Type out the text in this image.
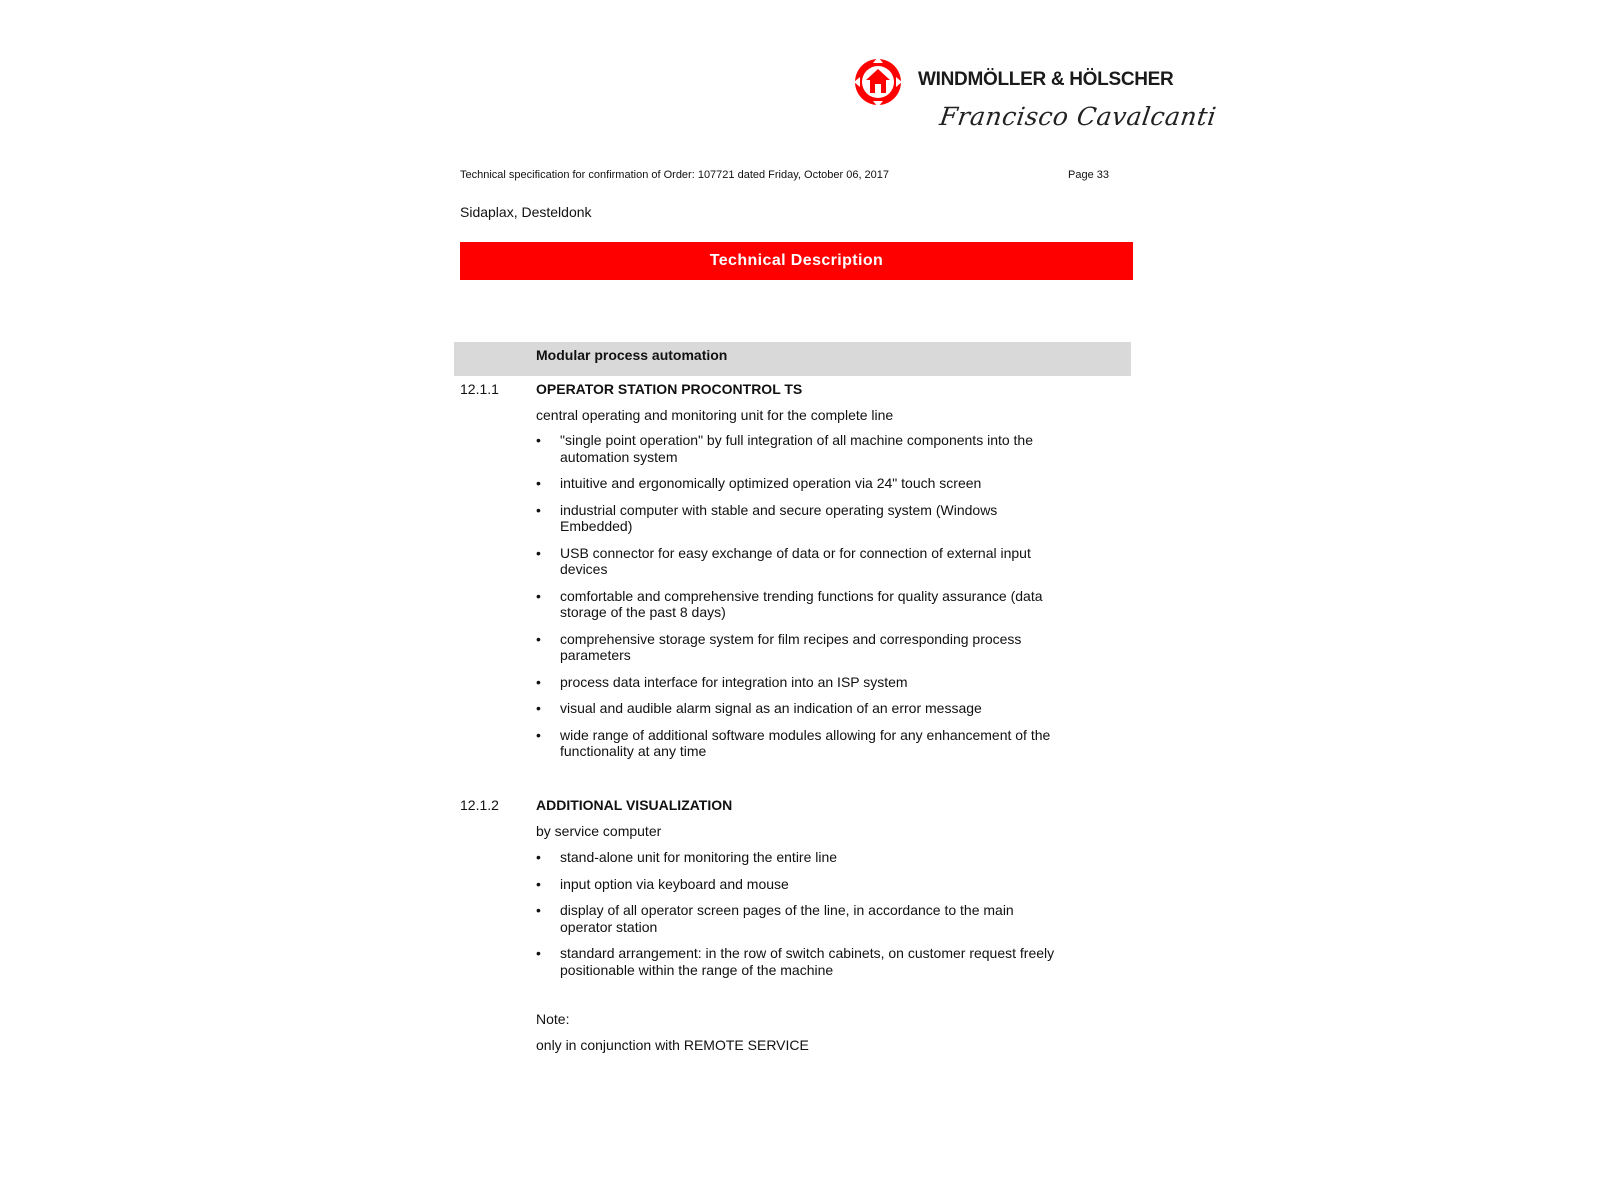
WINDMÖLLER & HÖLSCHER
Francisco Cavalcanti
Technical specification for confirmation of Order: 107721 dated Friday, October 06, 2017	Page 33
Sidaplax, Desteldonk
Technical Description
Modular process automation
12.1.1	OPERATOR STATION PROCONTROL TS
central operating and monitoring unit for the complete line
• "single point operation" by full integration of all machine components into the automation system
• intuitive and ergonomically optimized operation via 24" touch screen
• industrial computer with stable and secure operating system (Windows Embedded)
• USB connector for easy exchange of data or for connection of external input devices
• comfortable and comprehensive trending functions for quality assurance (data storage of the past 8 days)
• comprehensive storage system for film recipes and corresponding process parameters
• process data interface for integration into an ISP system
• visual and audible alarm signal as an indication of an error message
• wide range of additional software modules allowing for any enhancement of the functionality at any time
12.1.2	ADDITIONAL VISUALIZATION
by service computer
• stand-alone unit for monitoring the entire line
• input option via keyboard and mouse
• display of all operator screen pages of the line, in accordance to the main operator station
• standard arrangement: in the row of switch cabinets, on customer request freely positionable within the range of the machine
Note:
only in conjunction with REMOTE SERVICE
